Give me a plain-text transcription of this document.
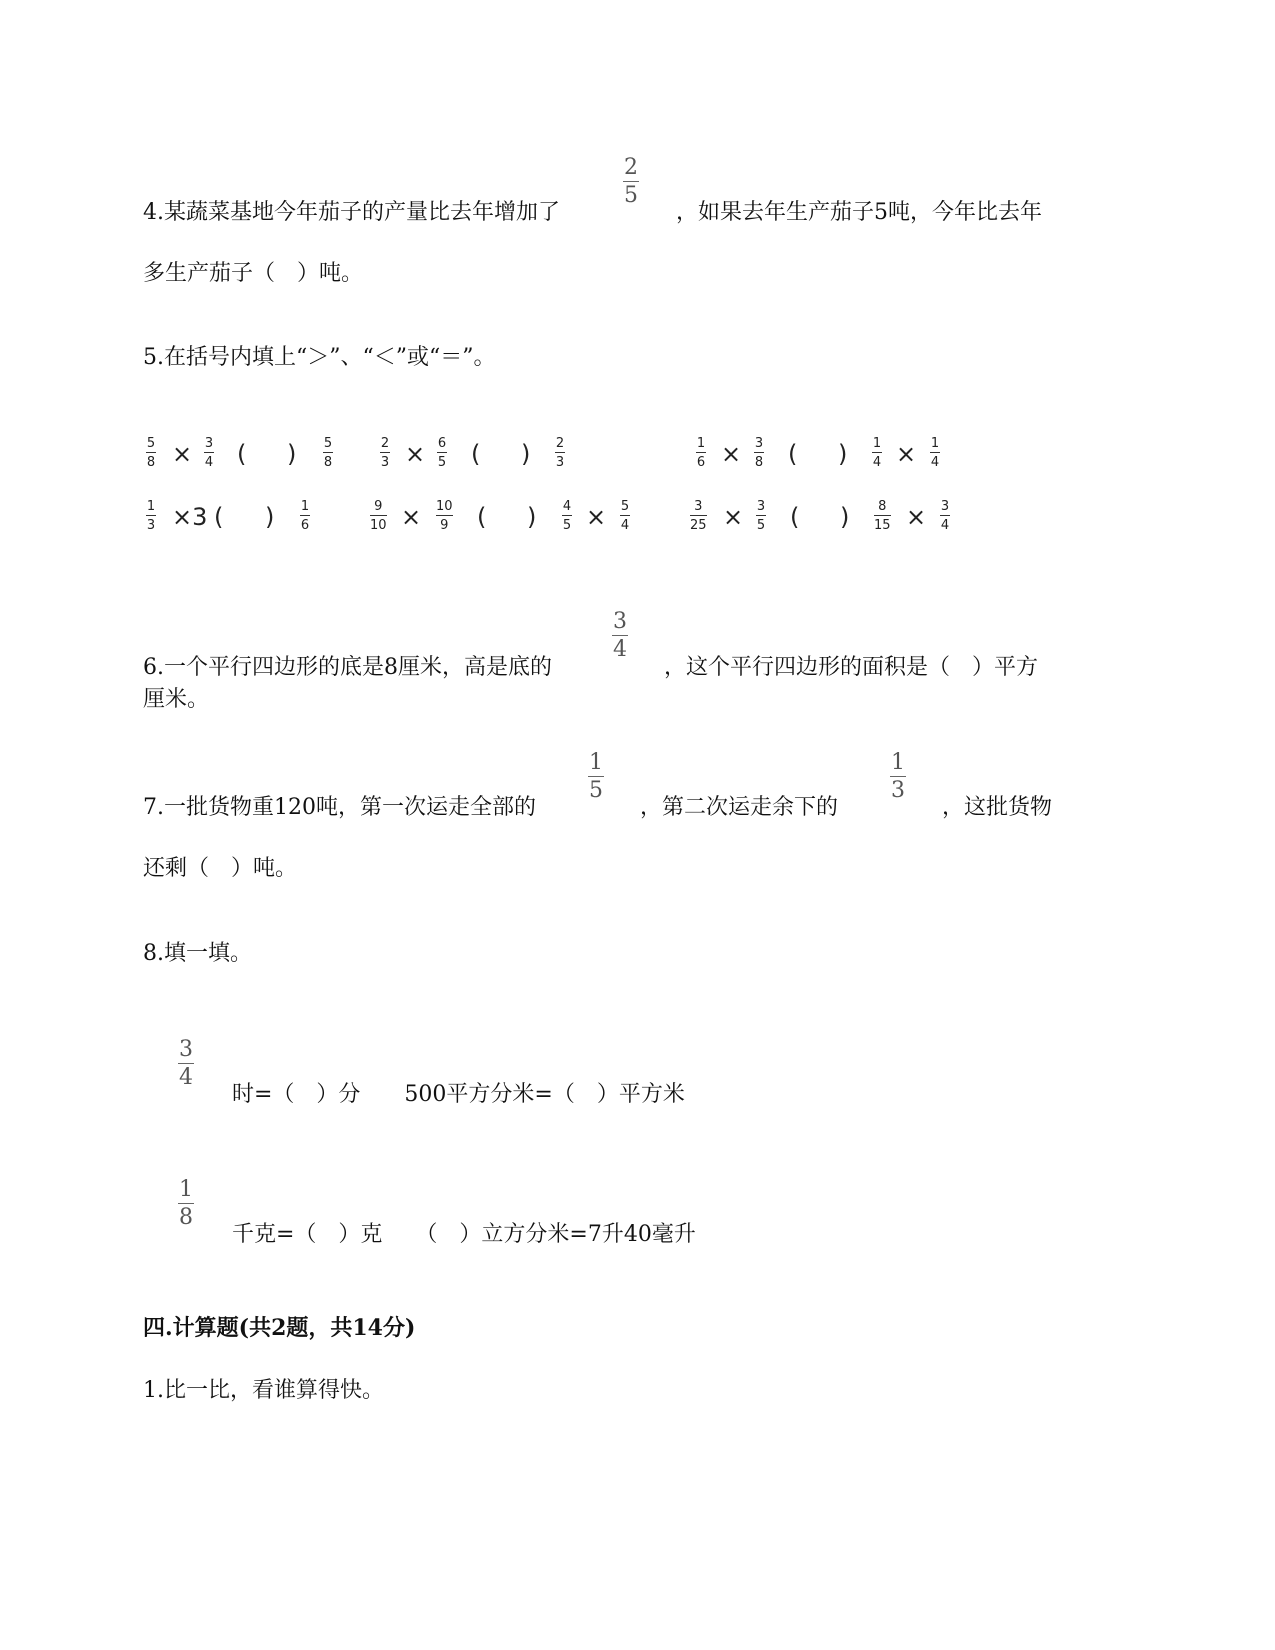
4.某蔬菜基地今年茄子的产量比去年增加了
2
5
，如果去年生产茄子5吨，今年比去年
多生产茄子（　）吨。
5.在括号内填上“＞”、“＜”或“＝”。
5
8 × 3
4 ( ) 5
8
2
3 × 6
5 ( ) 2
3
1
6 × 3
8 ( ) 1
4 × 1
4
1
3 ×3 ( ) 1
6
9
10 × 10
9 ( ) 4
5 × 5
4
3
25 × 3
5 ( ) 8
15 × 3
4
6.一个平行四边形的底是8厘米，高是底的
3
4
，这个平行四边形的面积是（　）平方
厘米。
7.一批货物重120吨，第一次运走全部的
1
5
，第二次运走余下的
1
3
，这批货物
还剩（　）吨。
8.填一填。
3
4
时=（　）分　　500平方分米=（　）平方米
1
8
千克=（　）克　　（　）立方分米=7升40毫升
四.计算题(共2题，共14分)
1.比一比，看谁算得快。
